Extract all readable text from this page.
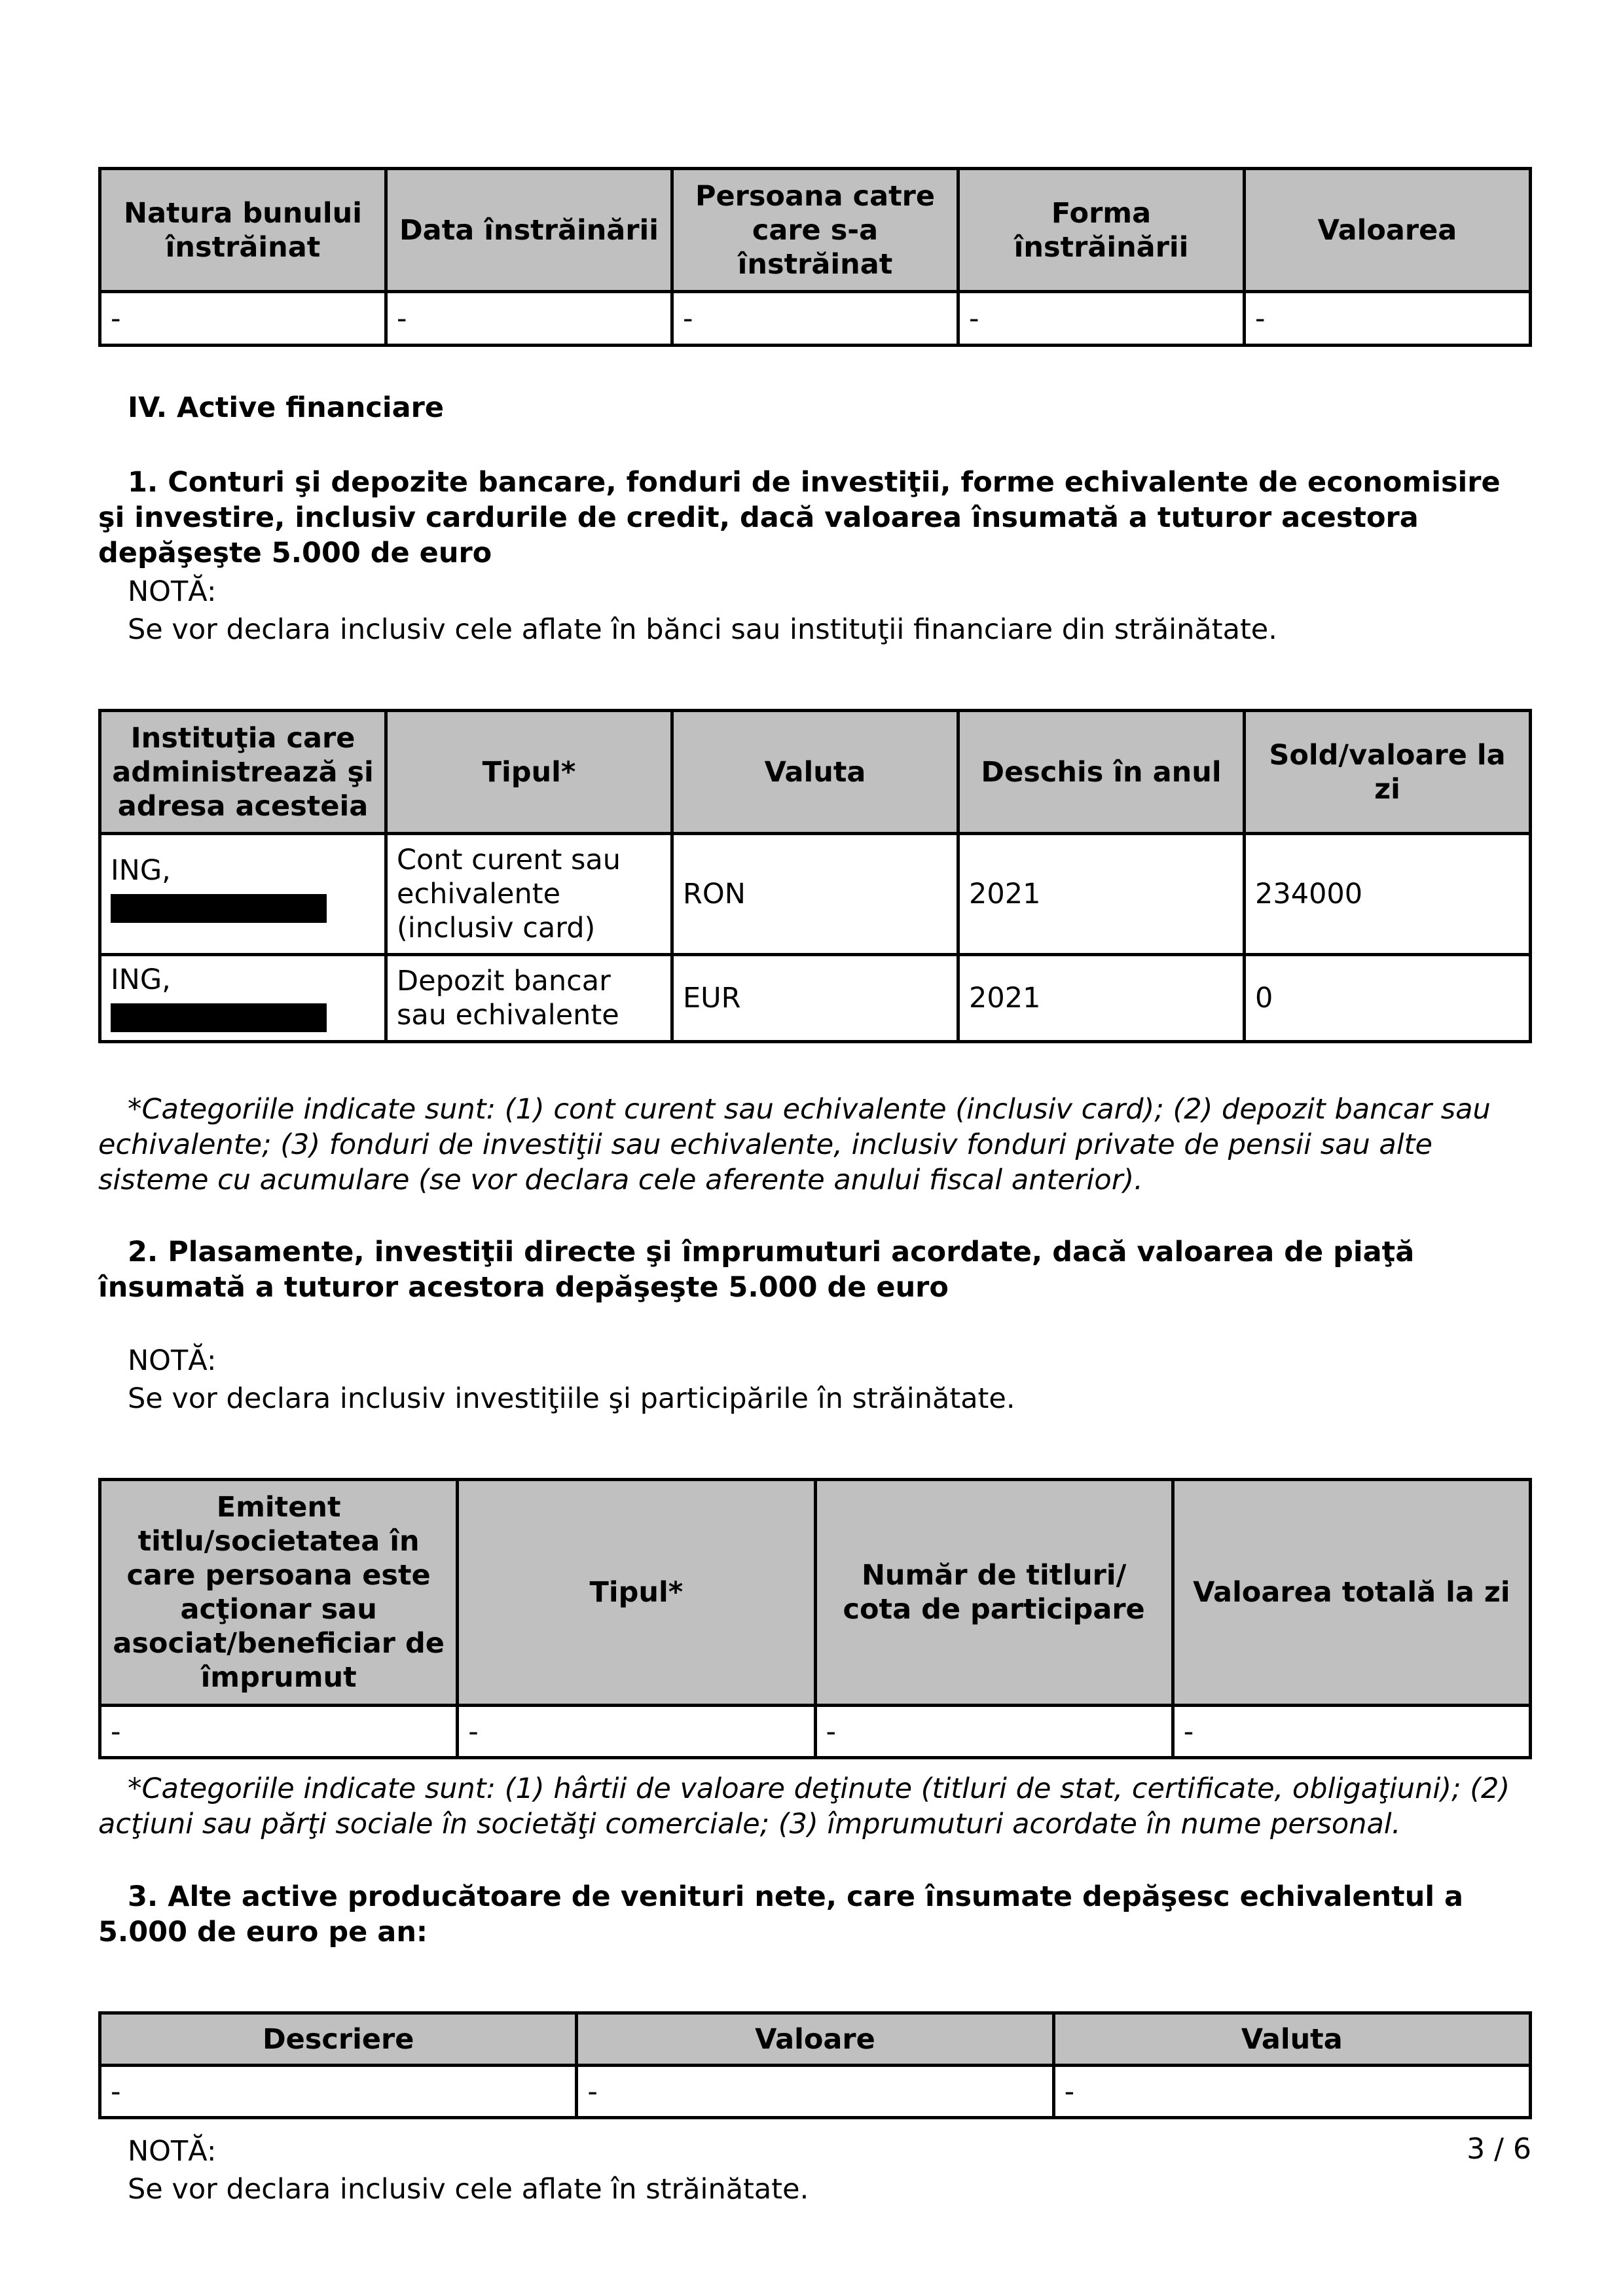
Natura bunului înstrăinat	Data înstrăinării	Persoana catre care s-a înstrăinat	Forma înstrăinării	Valoarea
-	-	-	-	-

IV. Active financiare

1. Conturi şi depozite bancare, fonduri de investiţii, forme echivalente de economisire şi investire, inclusiv cardurile de credit, dacă valoarea însumată a tuturor acestora depăşeşte 5.000 de euro

NOTĂ:

Se vor declara inclusiv cele aflate în bănci sau instituţii financiare din străinătate.

Instituţia care administrează şi adresa acesteia	Tipul*	Valuta	Deschis în anul	Sold/valoare la zi

ING,	Cont curent sau echivalente (inclusiv card)	RON	2021	234000

ING,	Depozit bancar sau echivalente	EUR	2021	0

*Categoriile indicate sunt: (1) cont curent sau echivalente (inclusiv card); (2) depozit bancar sau echivalente; (3) fonduri de investiţii sau echivalente, inclusiv fonduri private de pensii sau alte sisteme cu acumulare (se vor declara cele aferente anului fiscal anterior).

2. Plasamente, investiţii directe şi împrumuturi acordate, dacă valoarea de piaţă însumată a tuturor acestora depăşeşte 5.000 de euro

NOTĂ:

Se vor declara inclusiv investiţiile şi participările în străinătate.

Emitent titlu/societatea în care persoana este acţionar sau asociat/beneficiar de împrumut	Tipul*	Număr de titluri/ cota de participare	Valoarea totală la zi
-	-	-	-

*Categoriile indicate sunt: (1) hârtii de valoare deţinute (titluri de stat, certificate, obligaţiuni); (2) acţiuni sau părţi sociale în societăţi comerciale; (3) împrumuturi acordate în nume personal.

3. Alte active producătoare de venituri nete, care însumate depăşesc echivalentul a 5.000 de euro pe an:

Descriere	Valoare	Valuta
-	-	-

NOTĂ:

Se vor declara inclusiv cele aflate în străinătate.

3 / 6
